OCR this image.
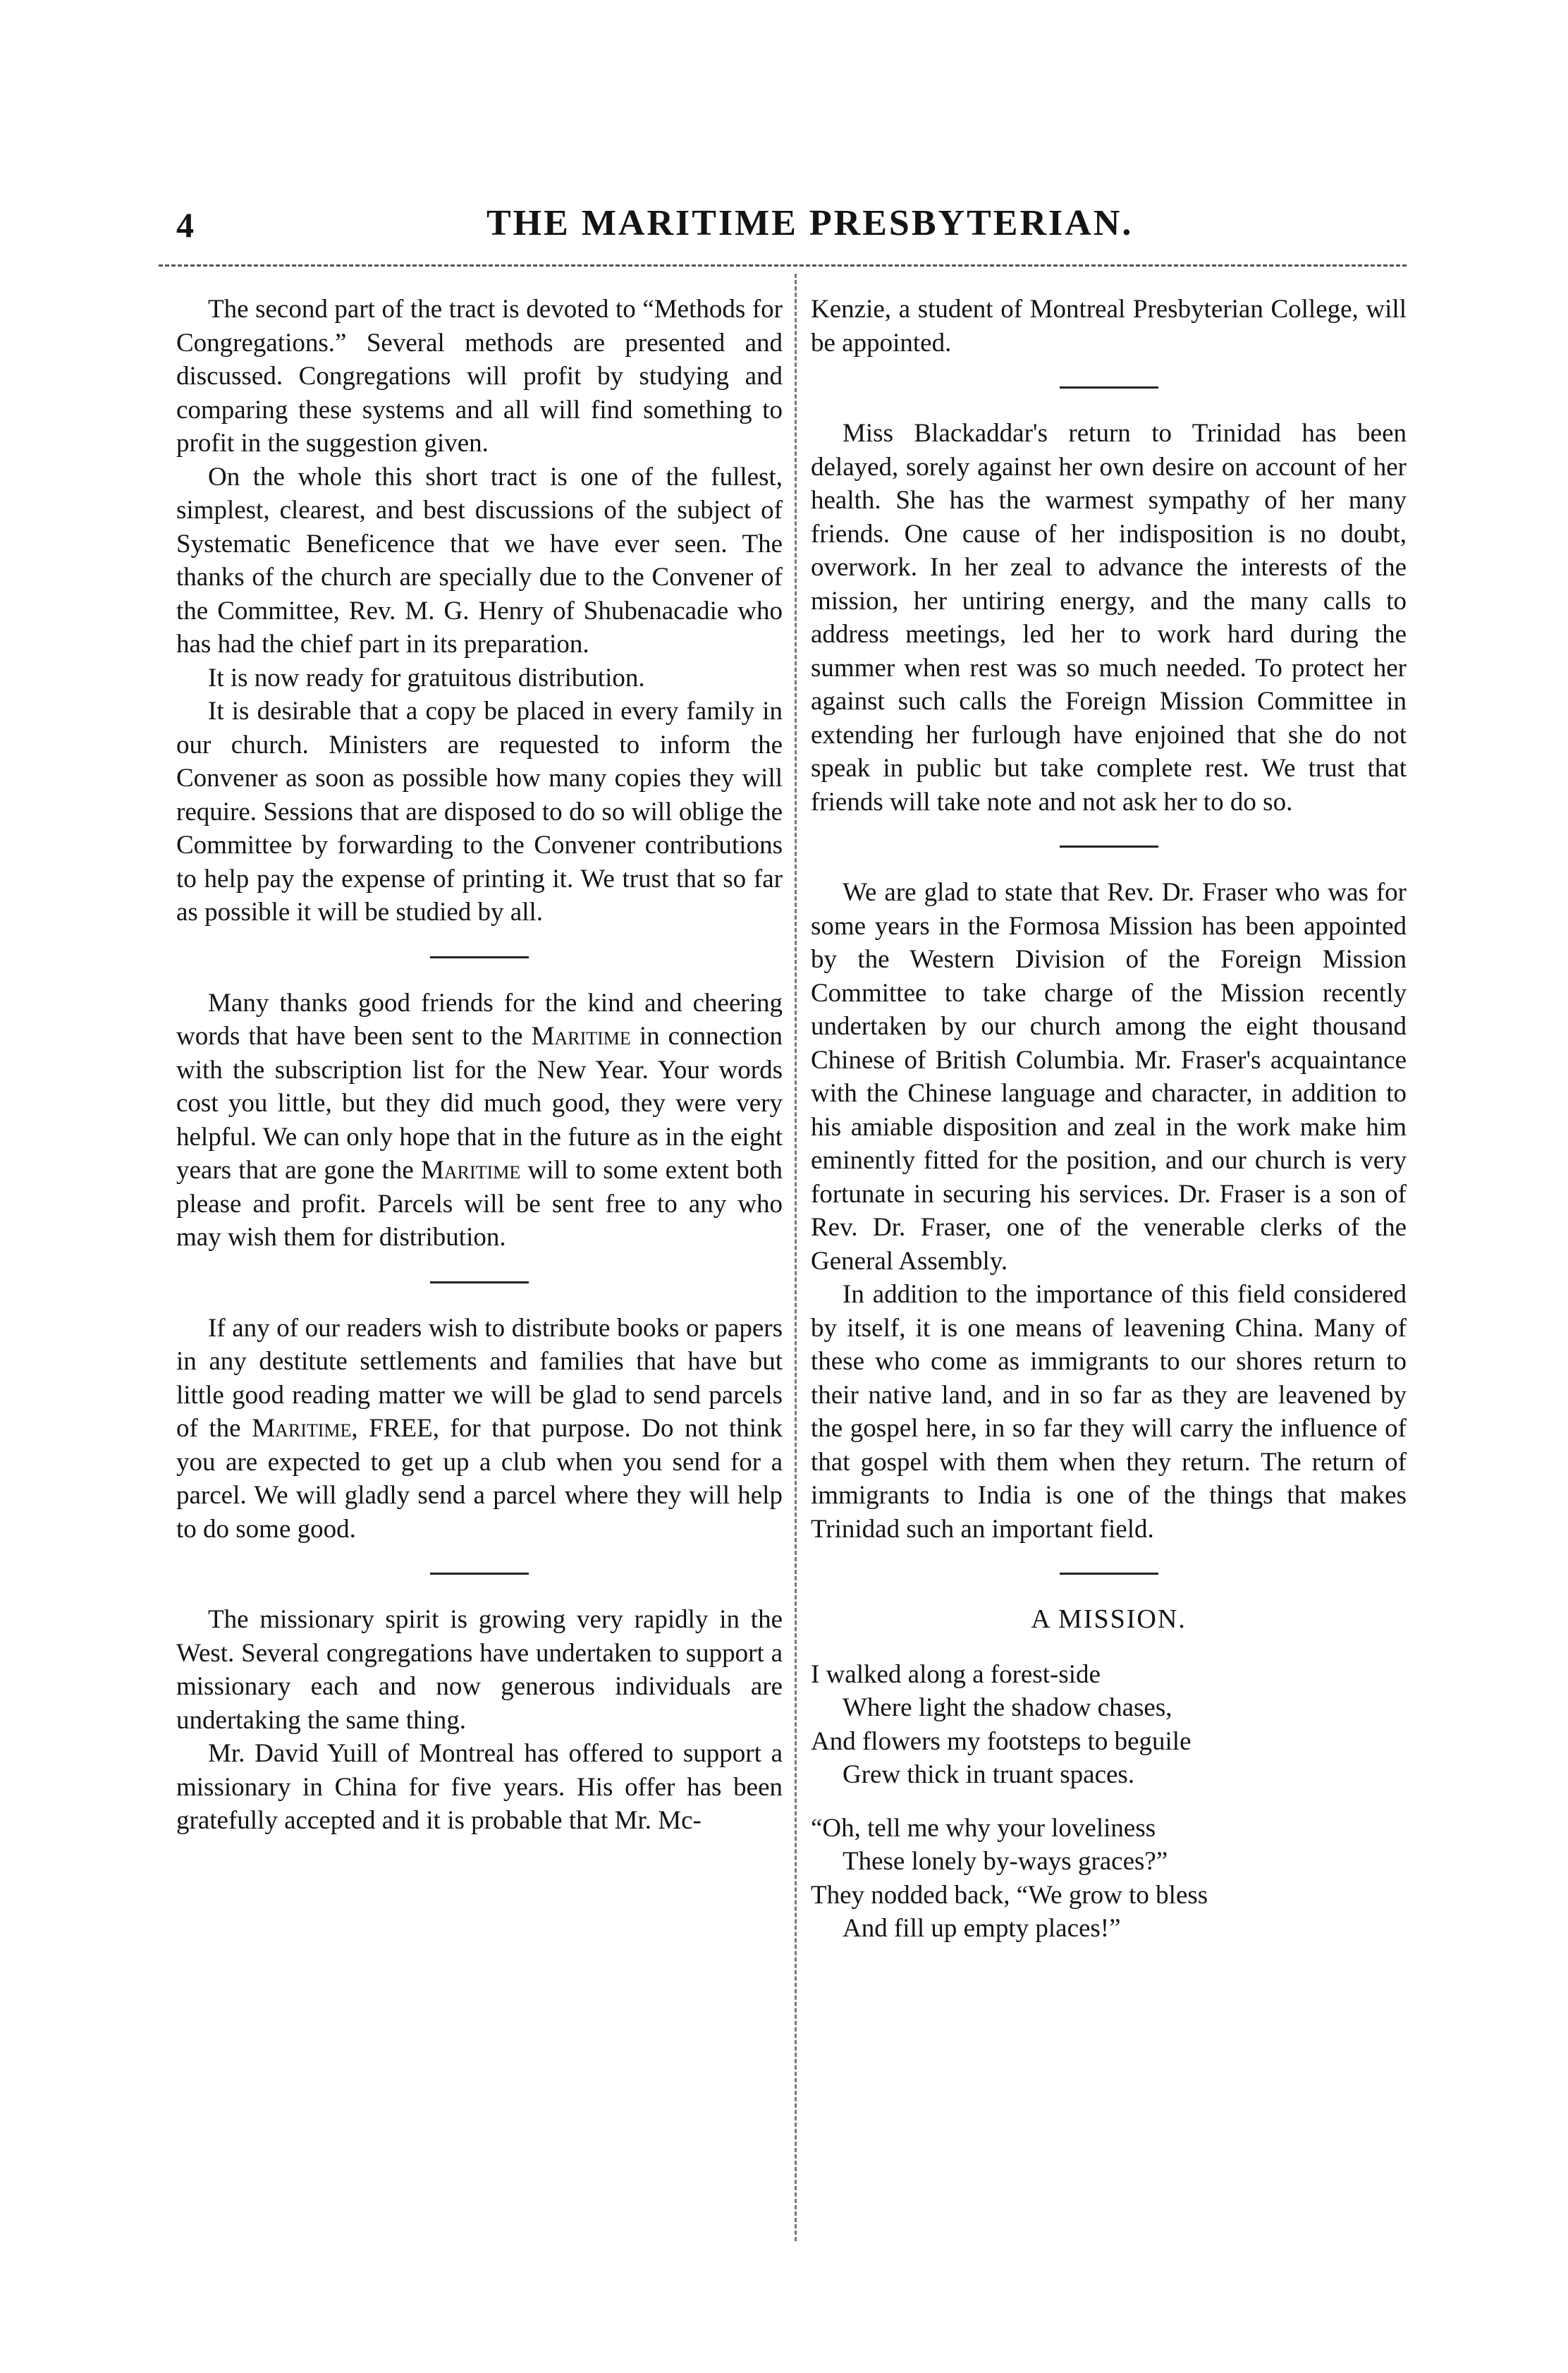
4	THE MARITIME PRESBYTERIAN.

The second part of the tract is devoted to “Methods for Congregations.” Several methods are presented and discussed. Congregations will profit by studying and comparing these systems and all will find something to profit in the suggestion given.

On the whole this short tract is one of the fullest, simplest, clearest, and best discussions of the subject of Systematic Beneficence that we have ever seen. The thanks of the church are specially due to the Convener of the Committee, Rev. M. G. Henry of Shubenacadie who has had the chief part in its preparation.

It is now ready for gratuitous distribution.

It is desirable that a copy be placed in every family in our church. Ministers are requested to inform the Convener as soon as possible how many copies they will require. Sessions that are disposed to do so will oblige the Committee by forwarding to the Convener contributions to help pay the expense of printing it. We trust that so far as possible it will be studied by all.

Many thanks good friends for the kind and cheering words that have been sent to the Maritime in connection with the subscription list for the New Year. Your words cost you little, but they did much good, they were very helpful. We can only hope that in the future as in the eight years that are gone the Maritime will to some extent both please and profit. Parcels will be sent free to any who may wish them for distribution.

If any of our readers wish to distribute books or papers in any destitute settlements and families that have but little good reading matter we will be glad to send parcels of the Maritime, FREE, for that purpose. Do not think you are expected to get up a club when you send for a parcel. We will gladly send a parcel where they will help to do some good.

The missionary spirit is growing very rapidly in the West. Several congregations have undertaken to support a missionary each and now generous individuals are undertaking the same thing.

Mr. David Yuill of Montreal has offered to support a missionary in China for five years. His offer has been gratefully accepted and it is probable that Mr. Mc-

Kenzie, a student of Montreal Presbyterian College, will be appointed.

Miss Blackaddar's return to Trinidad has been delayed, sorely against her own desire on account of her health. She has the warmest sympathy of her many friends. One cause of her indisposition is no doubt, overwork. In her zeal to advance the interests of the mission, her untiring energy, and the many calls to address meetings, led her to work hard during the summer when rest was so much needed. To protect her against such calls the Foreign Mission Committee in extending her furlough have enjoined that she do not speak in public but take complete rest. We trust that friends will take note and not ask her to do so.

We are glad to state that Rev. Dr. Fraser who was for some years in the Formosa Mission has been appointed by the Western Division of the Foreign Mission Committee to take charge of the Mission recently undertaken by our church among the eight thousand Chinese of British Columbia. Mr. Fraser's acquaintance with the Chinese language and character, in addition to his amiable disposition and zeal in the work make him eminently fitted for the position, and our church is very fortunate in securing his services. Dr. Fraser is a son of Rev. Dr. Fraser, one of the venerable clerks of the General Assembly.

In addition to the importance of this field considered by itself, it is one means of leavening China. Many of these who come as immigrants to our shores return to their native land, and in so far as they are leavened by the gospel here, in so far they will carry the influence of that gospel with them when they return. The return of immigrants to India is one of the things that makes Trinidad such an important field.

A MISSION.
I walked along a forest-side
Where light the shadow chases,
And flowers my footsteps to beguile
Grew thick in truant spaces.
“Oh, tell me why your loveliness
These lonely by-ways graces?”
They nodded back, “We grow to bless
And fill up empty places!”
